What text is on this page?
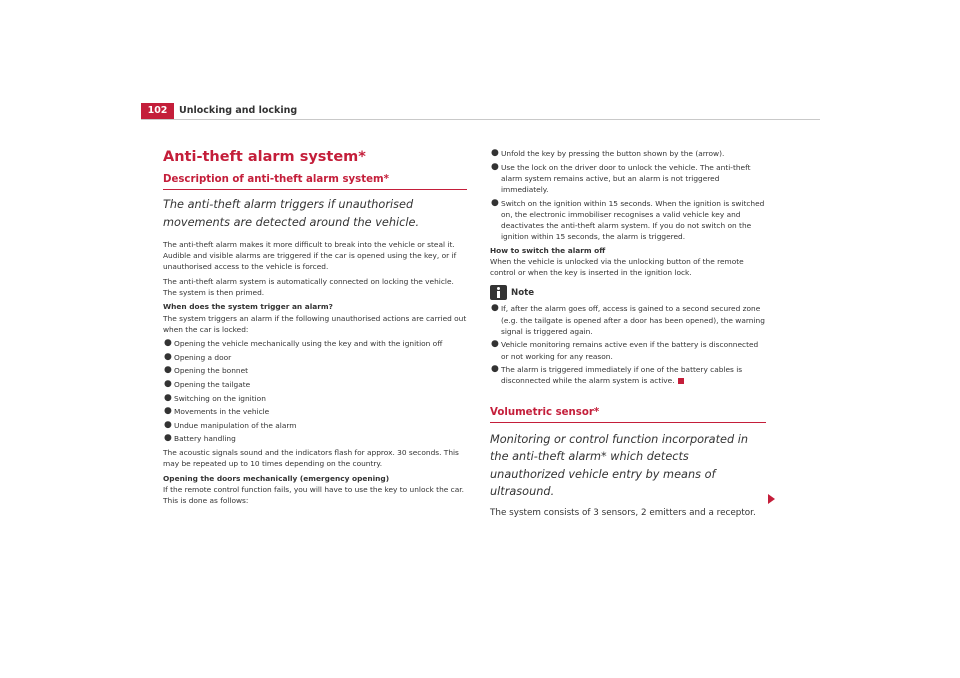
102	Unlocking and locking
Anti-theft alarm system*
Description of anti-theft alarm system*
The anti-theft alarm triggers if unauthorised movements are detected around the vehicle.

The anti-theft alarm makes it more difficult to break into the vehicle or steal it. Audible and visible alarms are triggered if the car is opened using the key, or if unauthorised access to the vehicle is forced.

The anti-theft alarm system is automatically connected on locking the vehicle. The system is then primed.

When does the system trigger an alarm?

The system triggers an alarm if the following unauthorised actions are carried out when the car is locked:

● Opening the vehicle mechanically using the key and with the ignition off
● Opening a door
● Opening the bonnet
● Opening the tailgate
● Switching on the ignition
● Movements in the vehicle
● Undue manipulation of the alarm
● Battery handling

The acoustic signals sound and the indicators flash for approx. 30 seconds. This may be repeated up to 10 times depending on the country.

Opening the doors mechanically (emergency opening)

If the remote control function fails, you will have to use the key to unlock the car. This is done as follows:

● Unfold the key by pressing the button shown by the (arrow).
● Use the lock on the driver door to unlock the vehicle. The anti-theft alarm system remains active, but an alarm is not triggered immediately.
● Switch on the ignition within 15 seconds. When the ignition is switched on, the electronic immobiliser recognises a valid vehicle key and deactivates the anti-theft alarm system. If you do not switch on the ignition within 15 seconds, the alarm is triggered.

How to switch the alarm off

When the vehicle is unlocked via the unlocking button of the remote control or when the key is inserted in the ignition lock.

Note
● If, after the alarm goes off, access is gained to a second secured zone (e.g. the tailgate is opened after a door has been opened), the warning signal is triggered again.
● Vehicle monitoring remains active even if the battery is disconnected or not working for any reason.
● The alarm is triggered immediately if one of the battery cables is disconnected while the alarm system is active.
Volumetric sensor*
Monitoring or control function incorporated in the anti-theft alarm* which detects unauthorized vehicle entry by means of ultrasound.

The system consists of 3 sensors, 2 emitters and a receptor.
